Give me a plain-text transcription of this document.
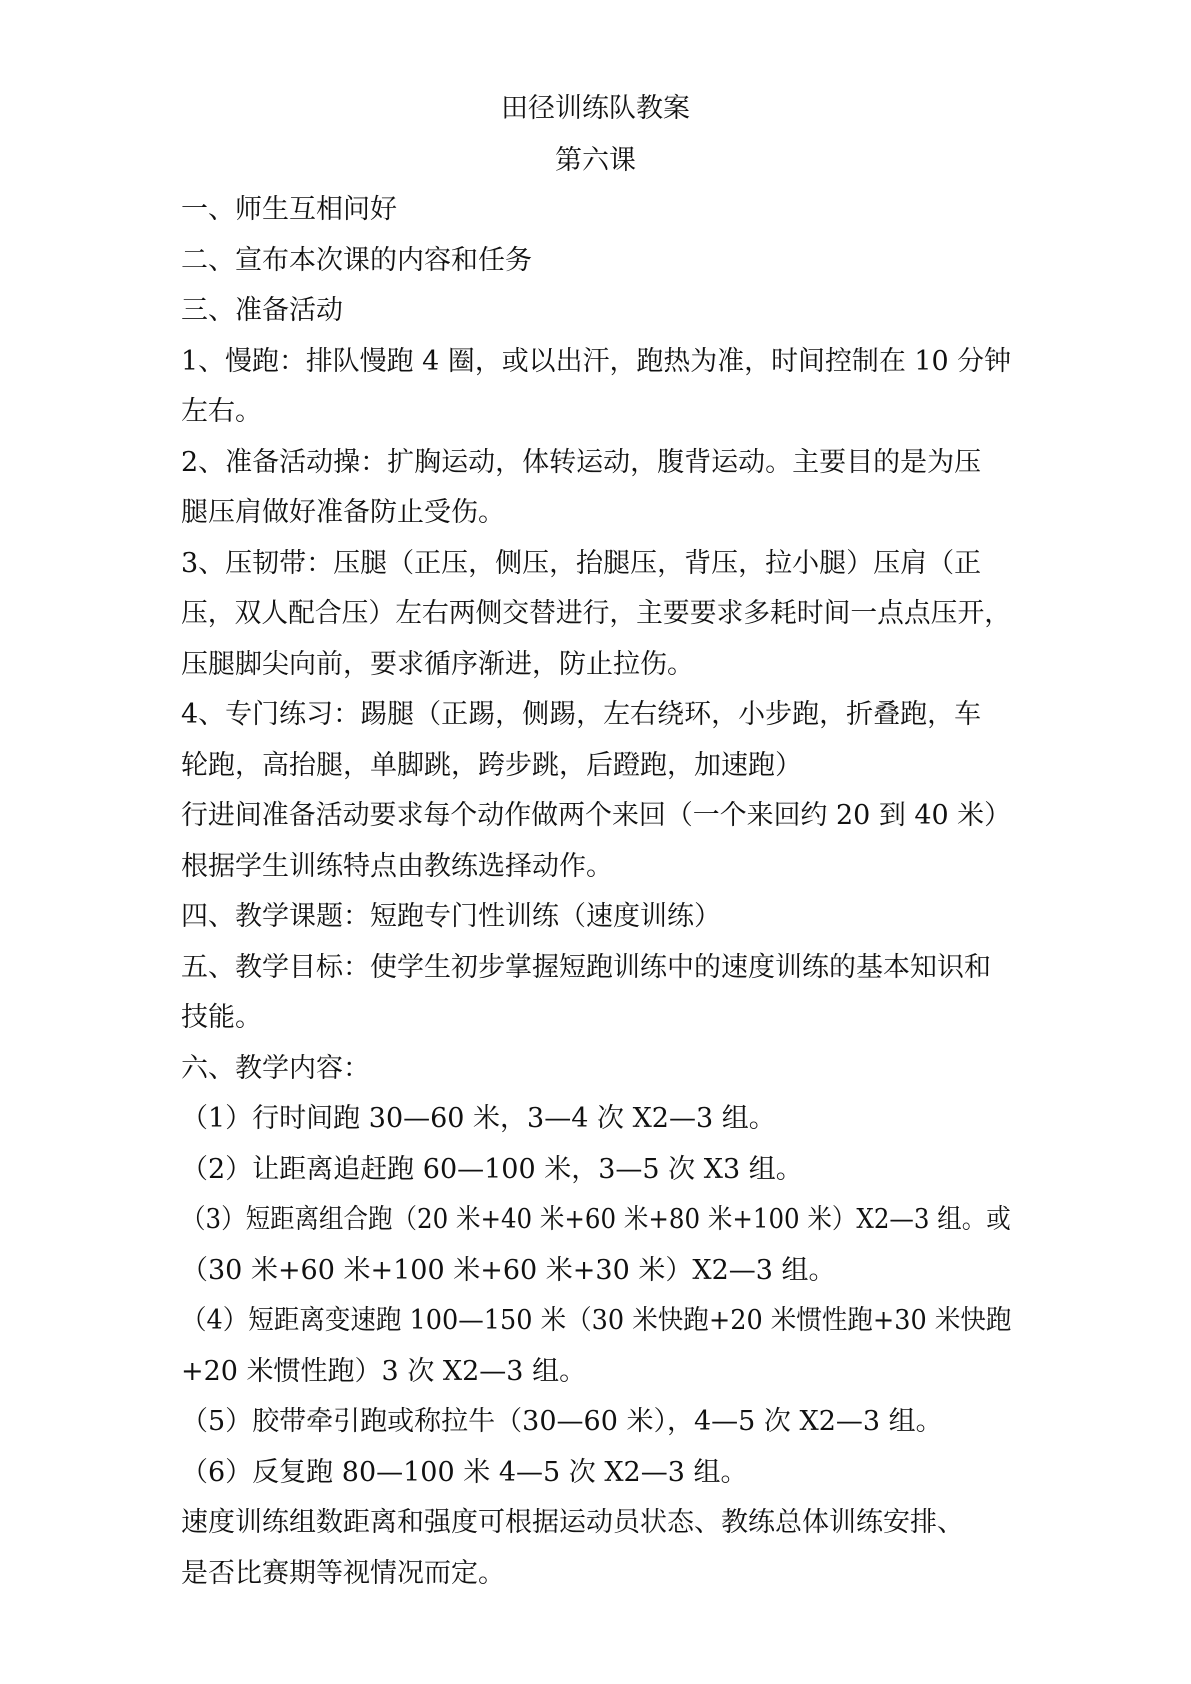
田径训练队教案
第六课
一、师生互相问好
二、宣布本次课的内容和任务
三、准备活动
1、慢跑：排队慢跑 4 圈，或以出汗，跑热为准，时间控制在 10 分钟
左右。
2、准备活动操：扩胸运动，体转运动，腹背运动。主要目的是为压
腿压肩做好准备防止受伤。
3、压韧带：压腿（正压，侧压，抬腿压，背压，拉小腿）压肩（正
压，双人配合压）左右两侧交替进行，主要要求多耗时间一点点压开，
压腿脚尖向前，要求循序渐进，防止拉伤。
4、专门练习：踢腿（正踢，侧踢，左右绕环，小步跑，折叠跑，车
轮跑，高抬腿，单脚跳，跨步跳，后蹬跑，加速跑）
行进间准备活动要求每个动作做两个来回（一个来回约 20 到 40 米）
根据学生训练特点由教练选择动作。
四、教学课题：短跑专门性训练（速度训练）
五、教学目标：使学生初步掌握短跑训练中的速度训练的基本知识和
技能。
六、教学内容：
（1）行时间跑 30—60 米，3—4 次 X2—3 组。
（2）让距离追赶跑 60—100 米，3—5 次 X3 组。
（3）短距离组合跑（20 米+40 米+60 米+80 米+100 米）X2—3 组。或
（30 米+60 米+100 米+60 米+30 米）X2—3 组。
（4）短距离变速跑 100—150 米（30 米快跑+20 米惯性跑+30 米快跑
+20 米惯性跑）3 次 X2—3 组。
（5）胶带牵引跑或称拉牛（30—60 米），4—5 次 X2—3 组。
（6）反复跑 80—100 米 4—5 次 X2—3 组。
速度训练组数距离和强度可根据运动员状态、教练总体训练安排、
是否比赛期等视情况而定。
